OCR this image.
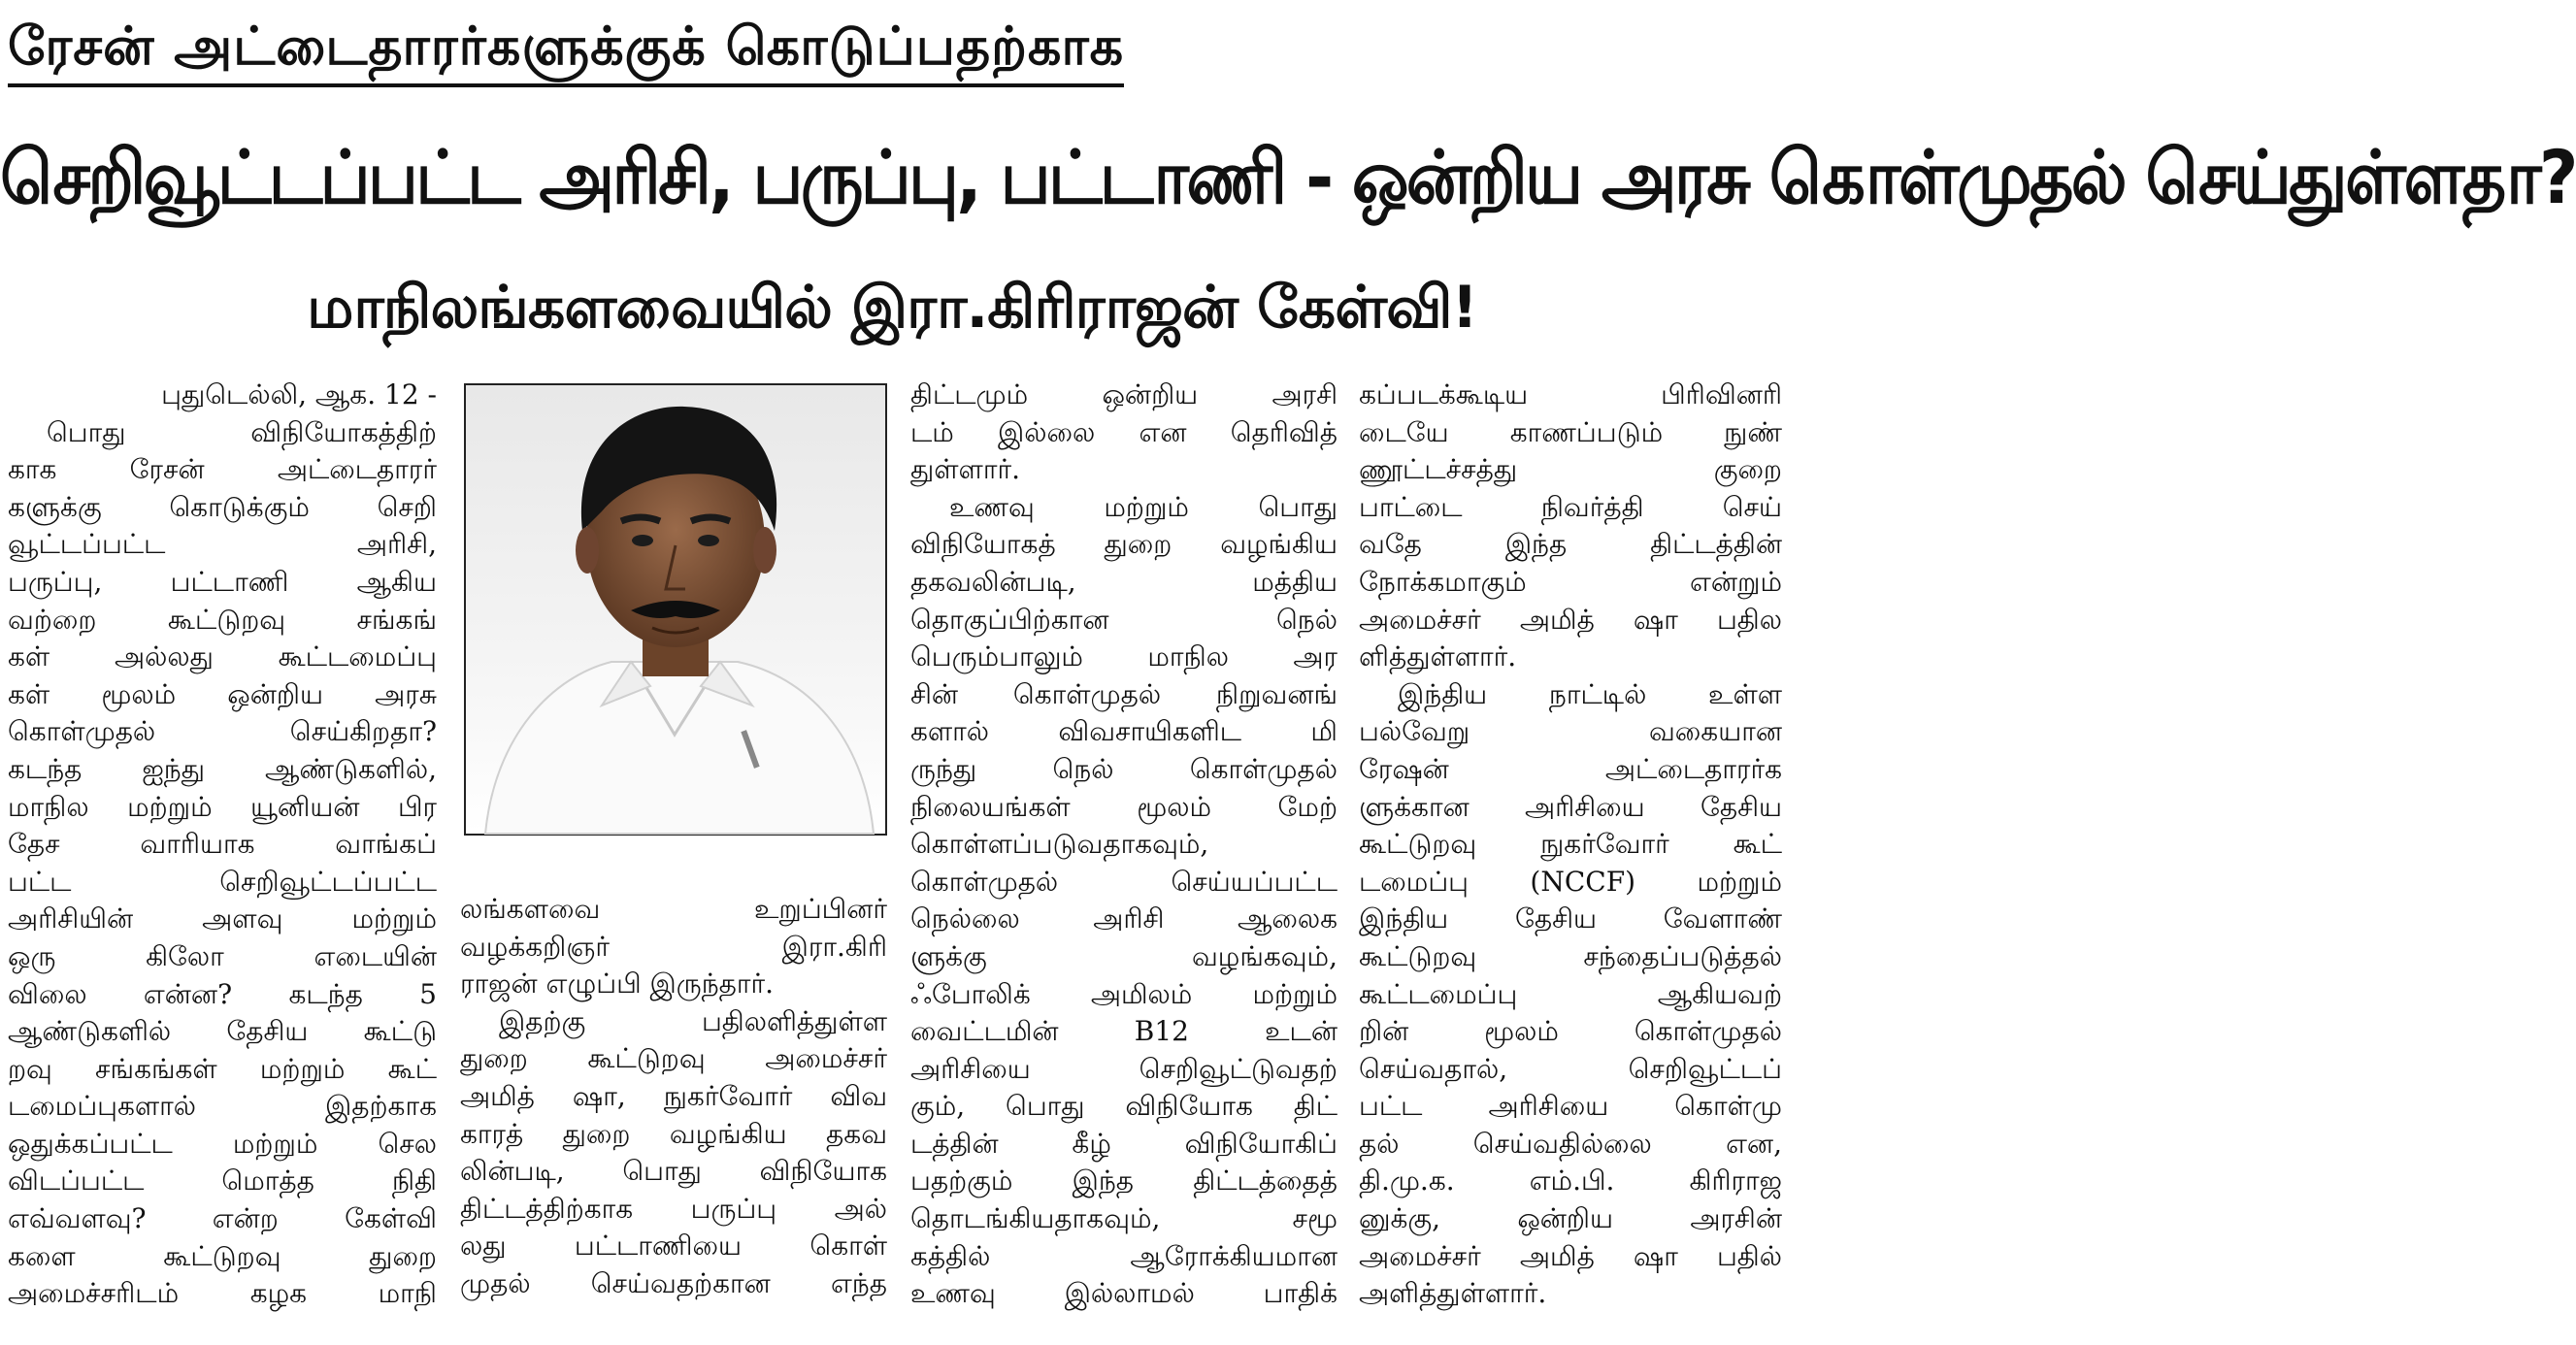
ரேசன் அட்டைதாரர்களுக்குக் கொடுப்பதற்காக
செறிவூட்டப்பட்ட அரிசி, பருப்பு, பட்டாணி - ஒன்றிய அரசு கொள்முதல் செய்துள்ளதா?
மாநிலங்களவையில் இரா.கிரிராஜன் கேள்வி!

புதுடெல்லி, ஆக. 12 -

பொது விநியோகத்திற்

காக ரேசன் அட்டைதாரர்

களுக்கு கொடுக்கும் செறி

வூட்டப்பட்ட அரிசி,

பருப்பு, பட்டாணி ஆகிய

வற்றை கூட்டுறவு சங்கங்

கள் அல்லது கூட்டமைப்பு

கள் மூலம் ஒன்றிய அரசு

கொள்முதல் செய்கிறதா?

கடந்த ஐந்து ஆண்டுகளில்,

மாநில மற்றும் யூனியன் பிர

தேச வாரியாக வாங்கப்

பட்ட செறிவூட்டப்பட்ட

அரிசியின் அளவு மற்றும்

ஒரு கிலோ எடையின்

விலை என்ன? கடந்த 5

ஆண்டுகளில் தேசிய கூட்டு

றவு சங்கங்கள் மற்றும் கூட்

டமைப்புகளால் இதற்காக

ஒதுக்கப்பட்ட மற்றும் செல

விடப்பட்ட மொத்த நிதி

எவ்வளவு? என்ற கேள்வி

களை கூட்டுறவு துறை

அமைச்சரிடம் கழக மாநி

லங்களவை உறுப்பினர்

வழக்கறிஞர் இரா.கிரி

ராஜன் எழுப்பி இருந்தார்.

இதற்கு பதிலளித்துள்ள

துறை கூட்டுறவு அமைச்சர்

அமித் ஷா, நுகர்வோர் விவ

காரத் துறை வழங்கிய தகவ

லின்படி, பொது விநியோக

திட்டத்திற்காக பருப்பு அல்

லது பட்டாணியை கொள்

முதல் செய்வதற்கான எந்த

திட்டமும் ஒன்றிய அரசி

டம் இல்லை என தெரிவித்

துள்ளார்.

உணவு மற்றும் பொது

விநியோகத் துறை வழங்கிய

தகவலின்படி, மத்திய

தொகுப்பிற்கான நெல்

பெரும்பாலும் மாநில அர

சின் கொள்முதல் நிறுவனங்

களால் விவசாயிகளிட மி

ருந்து நெல் கொள்முதல்

நிலையங்கள் மூலம் மேற்

கொள்ளப்படுவதாகவும்,

கொள்முதல் செய்யப்பட்ட

நெல்லை அரிசி ஆலைக

ளுக்கு வழங்கவும்,

ஃபோலிக் அமிலம் மற்றும்

வைட்டமின் B12 உடன்

அரிசியை செறிவூட்டுவதற்

கும், பொது விநியோக திட்

டத்தின் கீழ் விநியோகிப்

பதற்கும் இந்த திட்டத்தைத்

தொடங்கியதாகவும், சமூ

கத்தில் ஆரோக்கியமான

உணவு இல்லாமல் பாதிக்

கப்படக்கூடிய பிரிவினரி

டையே காணப்படும் நுண்

ணூட்டச்சத்து குறை

பாட்டை நிவர்த்தி செய்

வதே இந்த திட்டத்தின்

நோக்கமாகும் என்றும்

அமைச்சர் அமித் ஷா பதில

ளித்துள்ளார்.

இந்திய நாட்டில் உள்ள

பல்வேறு வகையான

ரேஷன் அட்டைதாரர்க

ளுக்கான அரிசியை தேசிய

கூட்டுறவு நுகர்வோர் கூட்

டமைப்பு (NCCF) மற்றும்

இந்திய தேசிய வேளாண்

கூட்டுறவு சந்தைப்படுத்தல்

கூட்டமைப்பு ஆகியவற்

றின் மூலம் கொள்முதல்

செய்வதால், செறிவூட்டப்

பட்ட அரிசியை கொள்மு

தல் செய்வதில்லை என,

தி.மு.க. எம்.பி. கிரிராஜ

னுக்கு, ஒன்றிய அரசின்

அமைச்சர் அமித் ஷா பதில்

அளித்துள்ளார்.
